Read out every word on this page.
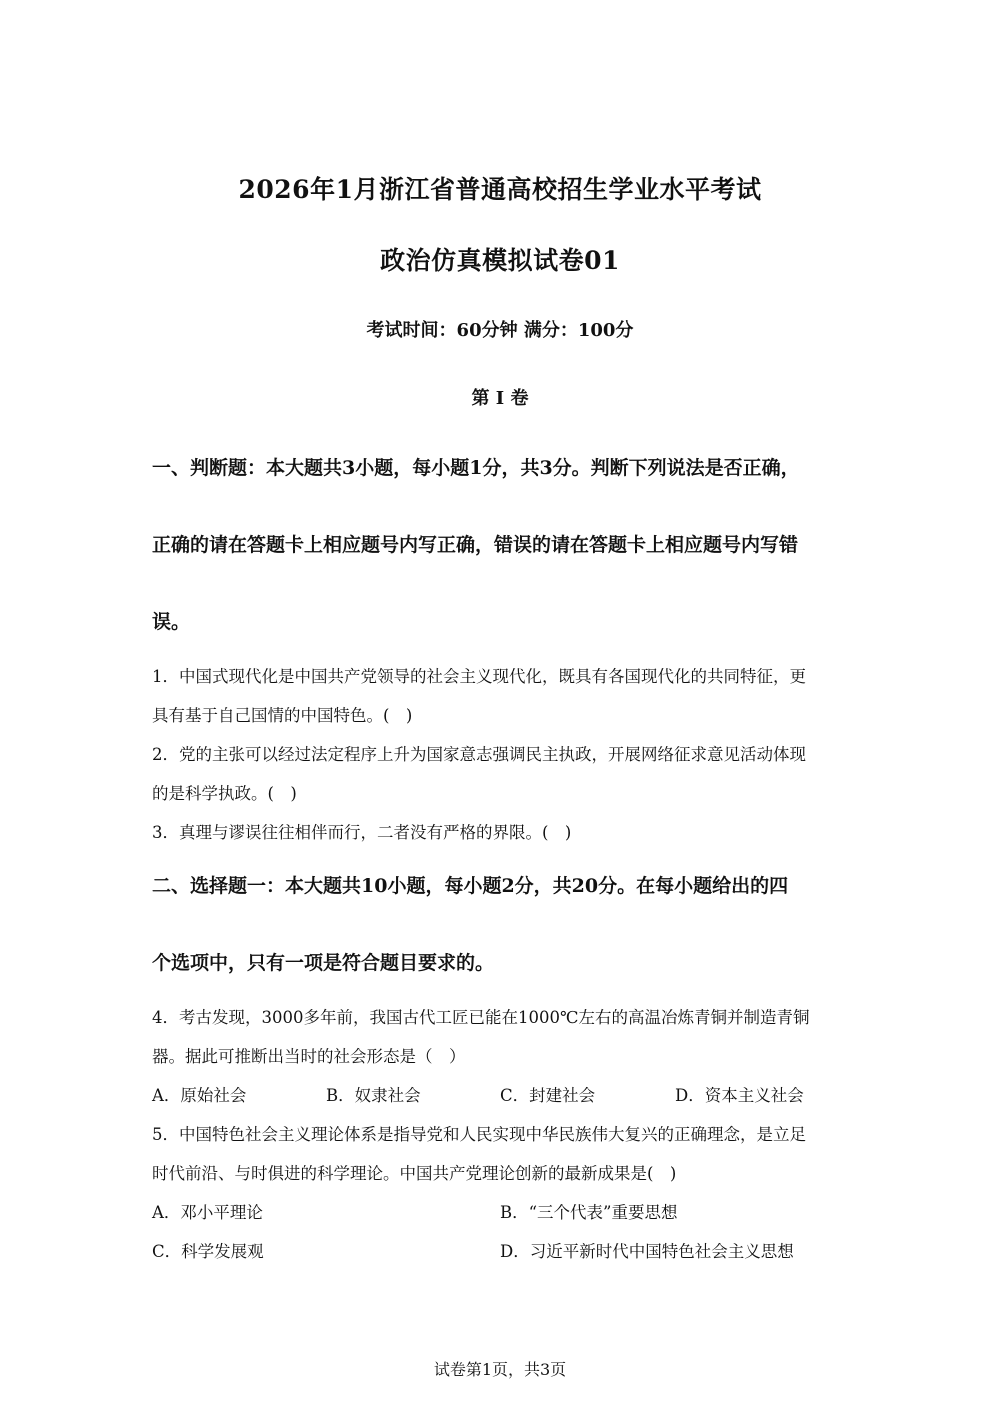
2026年1月浙江省普通高校招生学业水平考试
政治仿真模拟试卷01
考试时间：60分钟 满分：100分
第 I 卷
一、判断题：本大题共3小题，每小题1分，共3分。判断下列说法是否正确，
正确的请在答题卡上相应题号内写正确，错误的请在答题卡上相应题号内写错
误。
1．中国式现代化是中国共产党领导的社会主义现代化，既具有各国现代化的共同特征，更
具有基于自己国情的中国特色。(　)
2．党的主张可以经过法定程序上升为国家意志强调民主执政，开展网络征求意见活动体现
的是科学执政。(　)
3．真理与谬误往往相伴而行，二者没有严格的界限。(　)
二、选择题一：本大题共10小题，每小题2分，共20分。在每小题给出的四
个选项中，只有一项是符合题目要求的。
4．考古发现，3000多年前，我国古代工匠已能在1000℃左右的高温冶炼青铜并制造青铜
器。据此可推断出当时的社会形态是（　）
A．原始社会	B．奴隶社会	C．封建社会	D．资本主义社会
5．中国特色社会主义理论体系是指导党和人民实现中华民族伟大复兴的正确理念，是立足
时代前沿、与时俱进的科学理论。中国共产党理论创新的最新成果是(　)
A．邓小平理论	B．“三个代表”重要思想
C．科学发展观	D．习近平新时代中国特色社会主义思想
试卷第1页，共3页
